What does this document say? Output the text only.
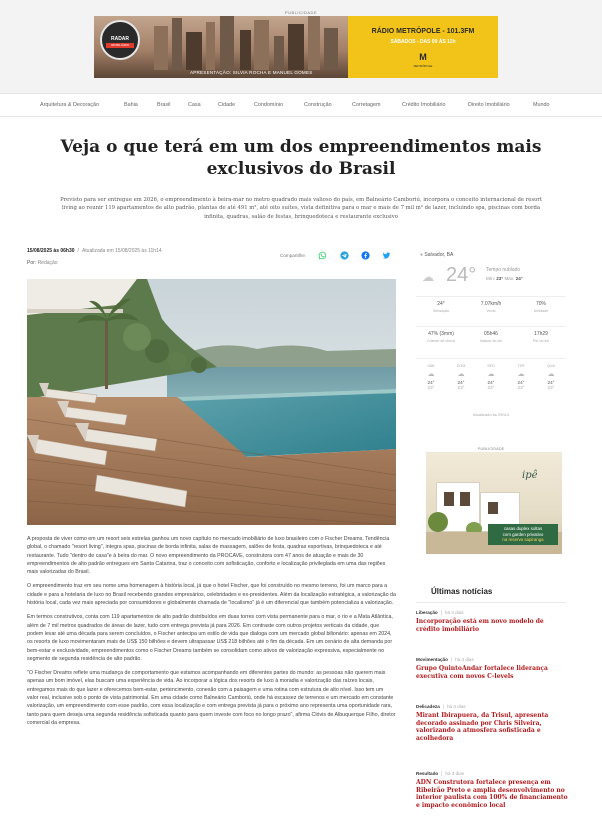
PUBLICIDADE
RADAR
IMOBILIÁRIO
APRESENTAÇÃO: SILVIA ROCHA E MANUEL GOMES
RÁDIO METRÓPOLE - 101.3FM
SÁBADOS - DAS 09 ÀS 11h
M
METRÓPOLE
Arquitetura & Decoração	Bahia	Brasil	Casa	Cidade	Condomínio	Construção	Corretagem	Crédito Imobiliário	Direito Imobiliário	Mundo
Veja o que terá em um dos empreendimentos mais
exclusivos do Brasil

Previsto para ser entregue em 2026, o empreendimento à beira-mar no metro quadrado mais valioso do país, em Balneário Camboriú, incorpora o conceito internacional de resort living ao reunir 119 apartamentos de alto padrão, plantas de até 491 m², até oito suítes, vista definitiva para o mar e mais de 7 mil m² de lazer, incluindo spa, piscinas com borda infinita, quadras, salão de festas, brinquedoteca e restaurante exclusivo

15/08/2025 às 06h30 / Atualizada em 15/08/2025 às 11h14
Por: Redação
Compartilhe:

A proposta de viver como em um resort seis estrelas ganhou um novo capítulo no mercado imobiliário de luxo brasileiro com o Fischer Dreams. Tendência global, o chamado "resort living", integra spas, piscinas de borda infinita, salas de massagem, salões de festa, quadras esportivas, brinquedoteca e até restaurante. Tudo "dentro de casa"e à beira do mar. O novo empreendimento da PROCAVE, construtora com 47 anos de atuação e mais de 30 empreendimentos de alto padrão entregues em Santa Catarina, traz o conceito com sofisticação, conforto e localização privilegiada em uma das regiões mais valorizadas do Brasil.

O empreendimento traz em seu nome uma homenagem à história local, já que o hotel Fischer, que foi construído no mesmo terreno, foi um marco para a cidade e para a hotelaria de luxo no Brasil recebendo grandes empresários, celebridades e ex-presidentes. Além da localização estratégica, a valorização da história local, cada vez mais apreciada por consumidores e globalmente chamada de "localismo" já é um diferencial que também potencializa a valorização.

Em termos construtivos, conta com 119 apartamentos de alto padrão distribuídos em duas torres com vista permanente para o mar, o rio e a Mata Atlântica, além de 7 mil metros quadrados de áreas de lazer, tudo com entrega prevista já para 2026. Em contraste com outros projetos verticais da cidade, que podem levar até uma década para serem concluídos, o Fischer antecipa um estilo de vida que dialoga com um mercado global bilionário: apenas em 2024, os resorts de luxo movimentaram mais de US$ 150 bilhões e devem ultrapassar US$ 218 bilhões até o fim da década. Em um cenário de alta demanda por bem-estar e exclusividade, empreendimentos como o Fischer Dreams também se consolidam como ativos de valorização expressiva, especialmente no segmento de segunda residência de alto padrão.

"O Fischer Dreams reflete uma mudança de comportamento que estamos acompanhando em diferentes partes do mundo: as pessoas não querem mais apenas um bom imóvel, elas buscam uma experiência de vida. Ao incorporar a lógica dos resorts de luxo à moradia e valorização das raízes locais, entregamos mais do que lazer e oferecemos bem-estar, pertencimento, conexão com a paisagem e uma rotina com estrutura de alto nível. Isso tem um valor real, inclusive sob o ponto de vista patrimonial. Em uma cidade como Balneário Camboriú, onde há escassez de terrenos e um mercado em constante valorização, um empreendimento com esse padrão, com essa localização e com entrega prevista já para o próximo ano representa uma oportunidade rara, tanto para quem deseja uma segunda residência sofisticada quanto para quem investe com foco no longo prazo", afirma Clóvis de Albuquerque Filho, diretor comercial da empresa.

● Salvador, BA
☁ 24° Tempo nublado
Mín: 23° Máx: 24°
24°
Sensação
7.07km/h
Vento
70%
Umidade
47% (3mm)
Chance de chuva
05h46
Nascer do sol
17h29
Pôr do sol
SÁB
☁
24°
23°
DOM
☁
24°
23°
SEG
☁
24°
23°
TER
☁
24°
23°
QUA
☁
24°
23°
Atualizado às 09h13
PUBLICIDADE
ipê
casas duplex soltas
com garden privativo
na reserva sapiranga
Últimas notícias
Liberação | há 3 dias
Incorporação está em novo modelo de crédito imobiliário
Movimentação | há 3 dias
Grupo QuintoAndar fortalece liderança executiva com novos C-levels
Delicadeza | há 3 dias
Mirant Ibirapuera, da Trisul, apresenta decorado assinado por Chris Silveira, valorizando a atmosfera sofisticada e acolhedora
Resultado | há 3 dias
ADN Construtora fortalece presença em Ribeirão Preto e amplia desenvolvimento no interior paulista com 100% de financiamento e impacto econômico local
